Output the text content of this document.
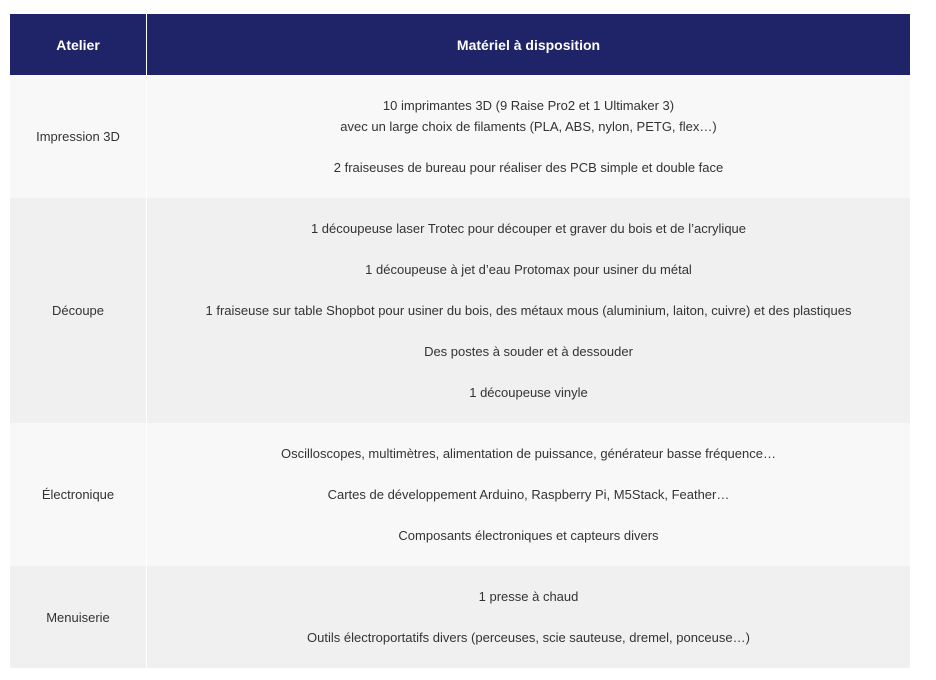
Atelier	Matériel à disposition
Impression 3D
10 imprimantes 3D (9 Raise Pro2 et 1 Ultimaker 3)
avec un large choix de filaments (PLA, ABS, nylon, PETG, flex…)
2 fraiseuses de bureau pour réaliser des PCB simple et double face
Découpe
1 découpeuse laser Trotec pour découper et graver du bois et de l’acrylique
1 découpeuse à jet d’eau Protomax pour usiner du métal
1 fraiseuse sur table Shopbot pour usiner du bois, des métaux mous (aluminium, laiton, cuivre) et des plastiques
Des postes à souder et à dessouder
1 découpeuse vinyle
Électronique
Oscilloscopes, multimètres, alimentation de puissance, générateur basse fréquence…
Cartes de développement Arduino, Raspberry Pi, M5Stack, Feather…
Composants électroniques et capteurs divers
Menuiserie
1 presse à chaud
Outils électroportatifs divers (perceuses, scie sauteuse, dremel, ponceuse…)
